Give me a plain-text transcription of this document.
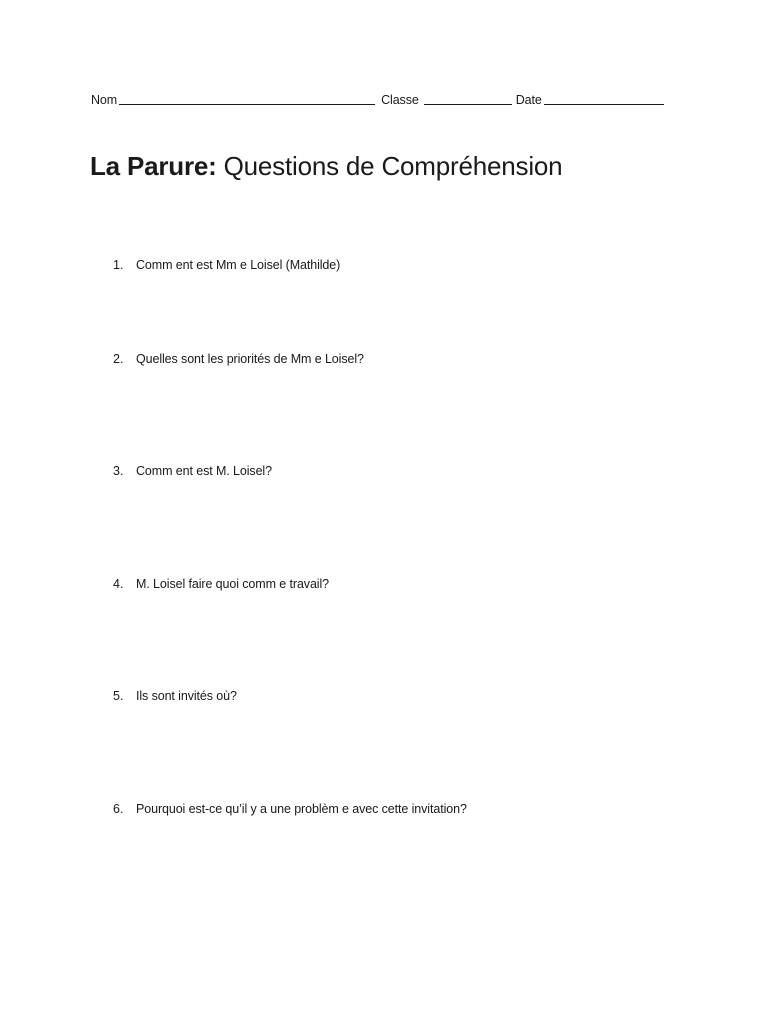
Nom	Classe	Date
La Parure: Questions de Compréhension
1.	Comm ent est Mm e Loisel (Mathilde)
2.	Quelles sont les priorités de Mm e Loisel?
3.	Comm ent est M. Loisel?
4.	M. Loisel faire quoi comm e travail?
5.	Ils sont invités où?
6.	Pourquoi est-ce qu’il y a une problèm e avec cette invitation?
